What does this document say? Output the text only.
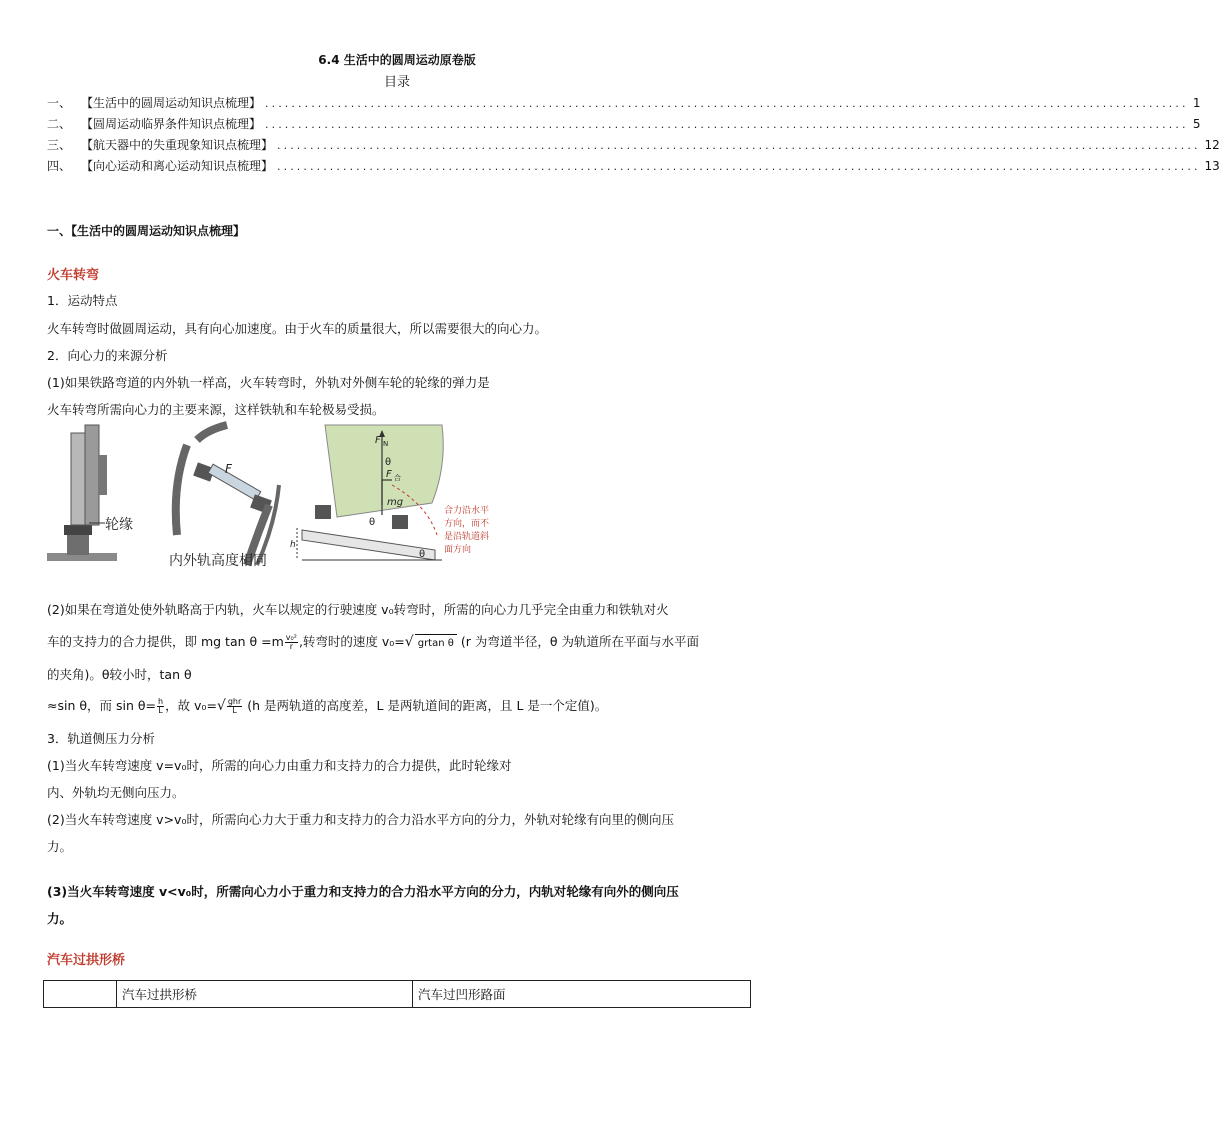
6.4 生活中的圆周运动原卷版
目录
一、 【生活中的圆周运动知识点梳理】 ............................................................................................................................................ 1
二、 【圆周运动临界条件知识点梳理】 ............................................................................................................................................ 5
三、 【航天器中的失重现象知识点梳理】 ............................................................................................................................................ 12
四、 【向心运动和离心运动知识点梳理】 ............................................................................................................................................ 13
一、【生活中的圆周运动知识点梳理】
火车转弯
1．运动特点
火车转弯时做圆周运动，具有向心加速度。由于火车的质量很大，所以需要很大的向心力。
2．向心力的来源分析
(1)如果铁路弯道的内外轨一样高，火车转弯时，外轨对外侧车轮的轮缘的弹力是
火车转弯所需向心力的主要来源，这样铁轨和车轮极易受损。
轮缘
F
内外轨高度相同
F N
F 合
θ
mg
θ
θ
h
合力沿水平
方向，而不
是沿轨道斜
面方向
(2)如果在弯道处使外轨略高于内轨，火车以规定的行驶速度 v₀转弯时，所需的向心力几乎完全由重力和铁轨对火
车的支持力的合力提供，即 mg $\tan \theta =m \frac{\text{v₀²}}{r}$ ,转弯时的速度 v₀=√ grtan θ (r 为弯道半径，θ 为轨道所在平面与水平面
的夹角)。θ较小时，tan θ
≈sin θ，而 $\sin \theta= \frac{h}{L}$ ，故 $v_0=√ \frac{\text{ghr}}{L} (h$ 是两轨道的高度差，L 是两轨道间的距离，且 L 是一个定值)。
3．轨道侧压力分析
(1)当火车转弯速度 v=v₀时，所需的向心力由重力和支持力的合力提供，此时轮缘对
内、外轨均无侧向压力。
(2)当火车转弯速度 v>v₀时，所需向心力大于重力和支持力的合力沿水平方向的分力，外轨对轮缘有向里的侧向压
力。
(3)当火车转弯速度 v<v₀时，所需向心力小于重力和支持力的合力沿水平方向的分力，内轨对轮缘有向外的侧向压
力。
汽车过拱形桥
	汽车过拱形桥	汽车过凹形路面
